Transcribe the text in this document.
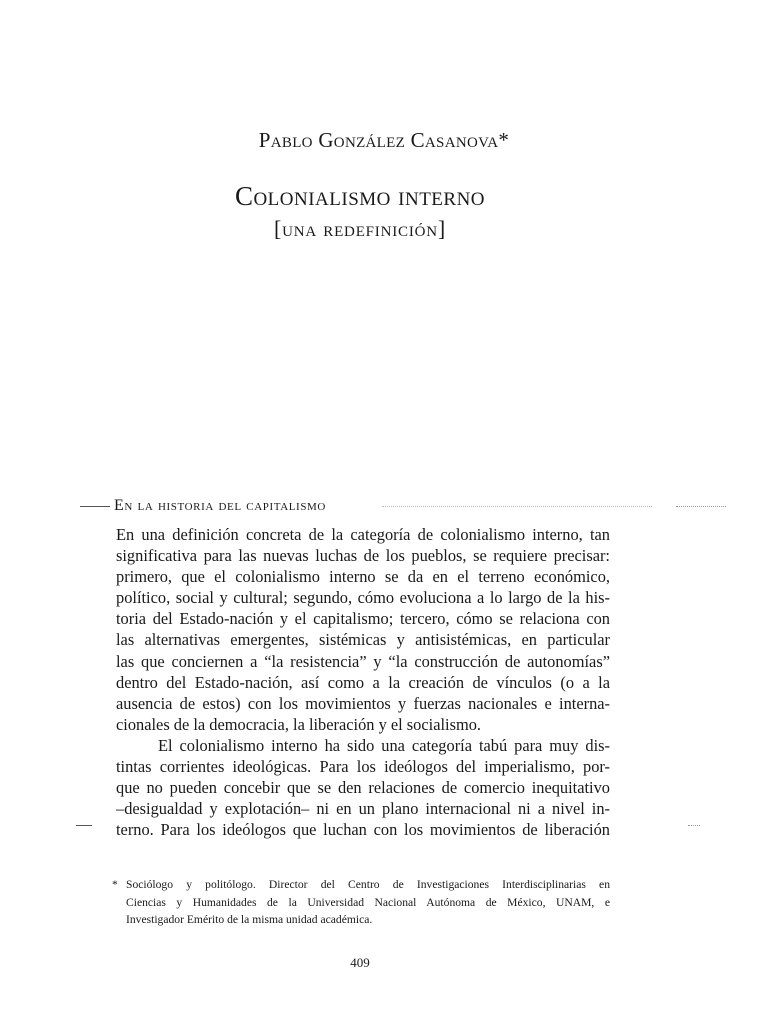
Pablo González Casanova*
Colonialismo interno
[una redefinición]
En la historia del capitalismo

En una definición concreta de la categoría de colonialismo interno, tan
significativa para las nuevas luchas de los pueblos, se requiere precisar:
primero, que el colonialismo interno se da en el terreno económico,
político, social y cultural; segundo, cómo evoluciona a lo largo de la his-
toria del Estado-nación y el capitalismo; tercero, cómo se relaciona con
las alternativas emergentes, sistémicas y antisistémicas, en particular
las que conciernen a “la resistencia” y “la construcción de autonomías”
dentro del Estado-nación, así como a la creación de vínculos (o a la
ausencia de estos) con los movimientos y fuerzas nacionales e interna-
cionales de la democracia, la liberación y el socialismo.

El colonialismo interno ha sido una categoría tabú para muy dis-
tintas corrientes ideológicas. Para los ideólogos del imperialismo, por-
que no pueden concebir que se den relaciones de comercio inequitativo
–desigualdad y explotación– ni en un plano internacional ni a nivel in-
terno. Para los ideólogos que luchan con los movimientos de liberación

* Sociólogo y politólogo. Director del Centro de Investigaciones Interdisciplinarias en
Ciencias y Humanidades de la Universidad Nacional Autónoma de México, UNAM, e
Investigador Emérito de la misma unidad académica.
409
